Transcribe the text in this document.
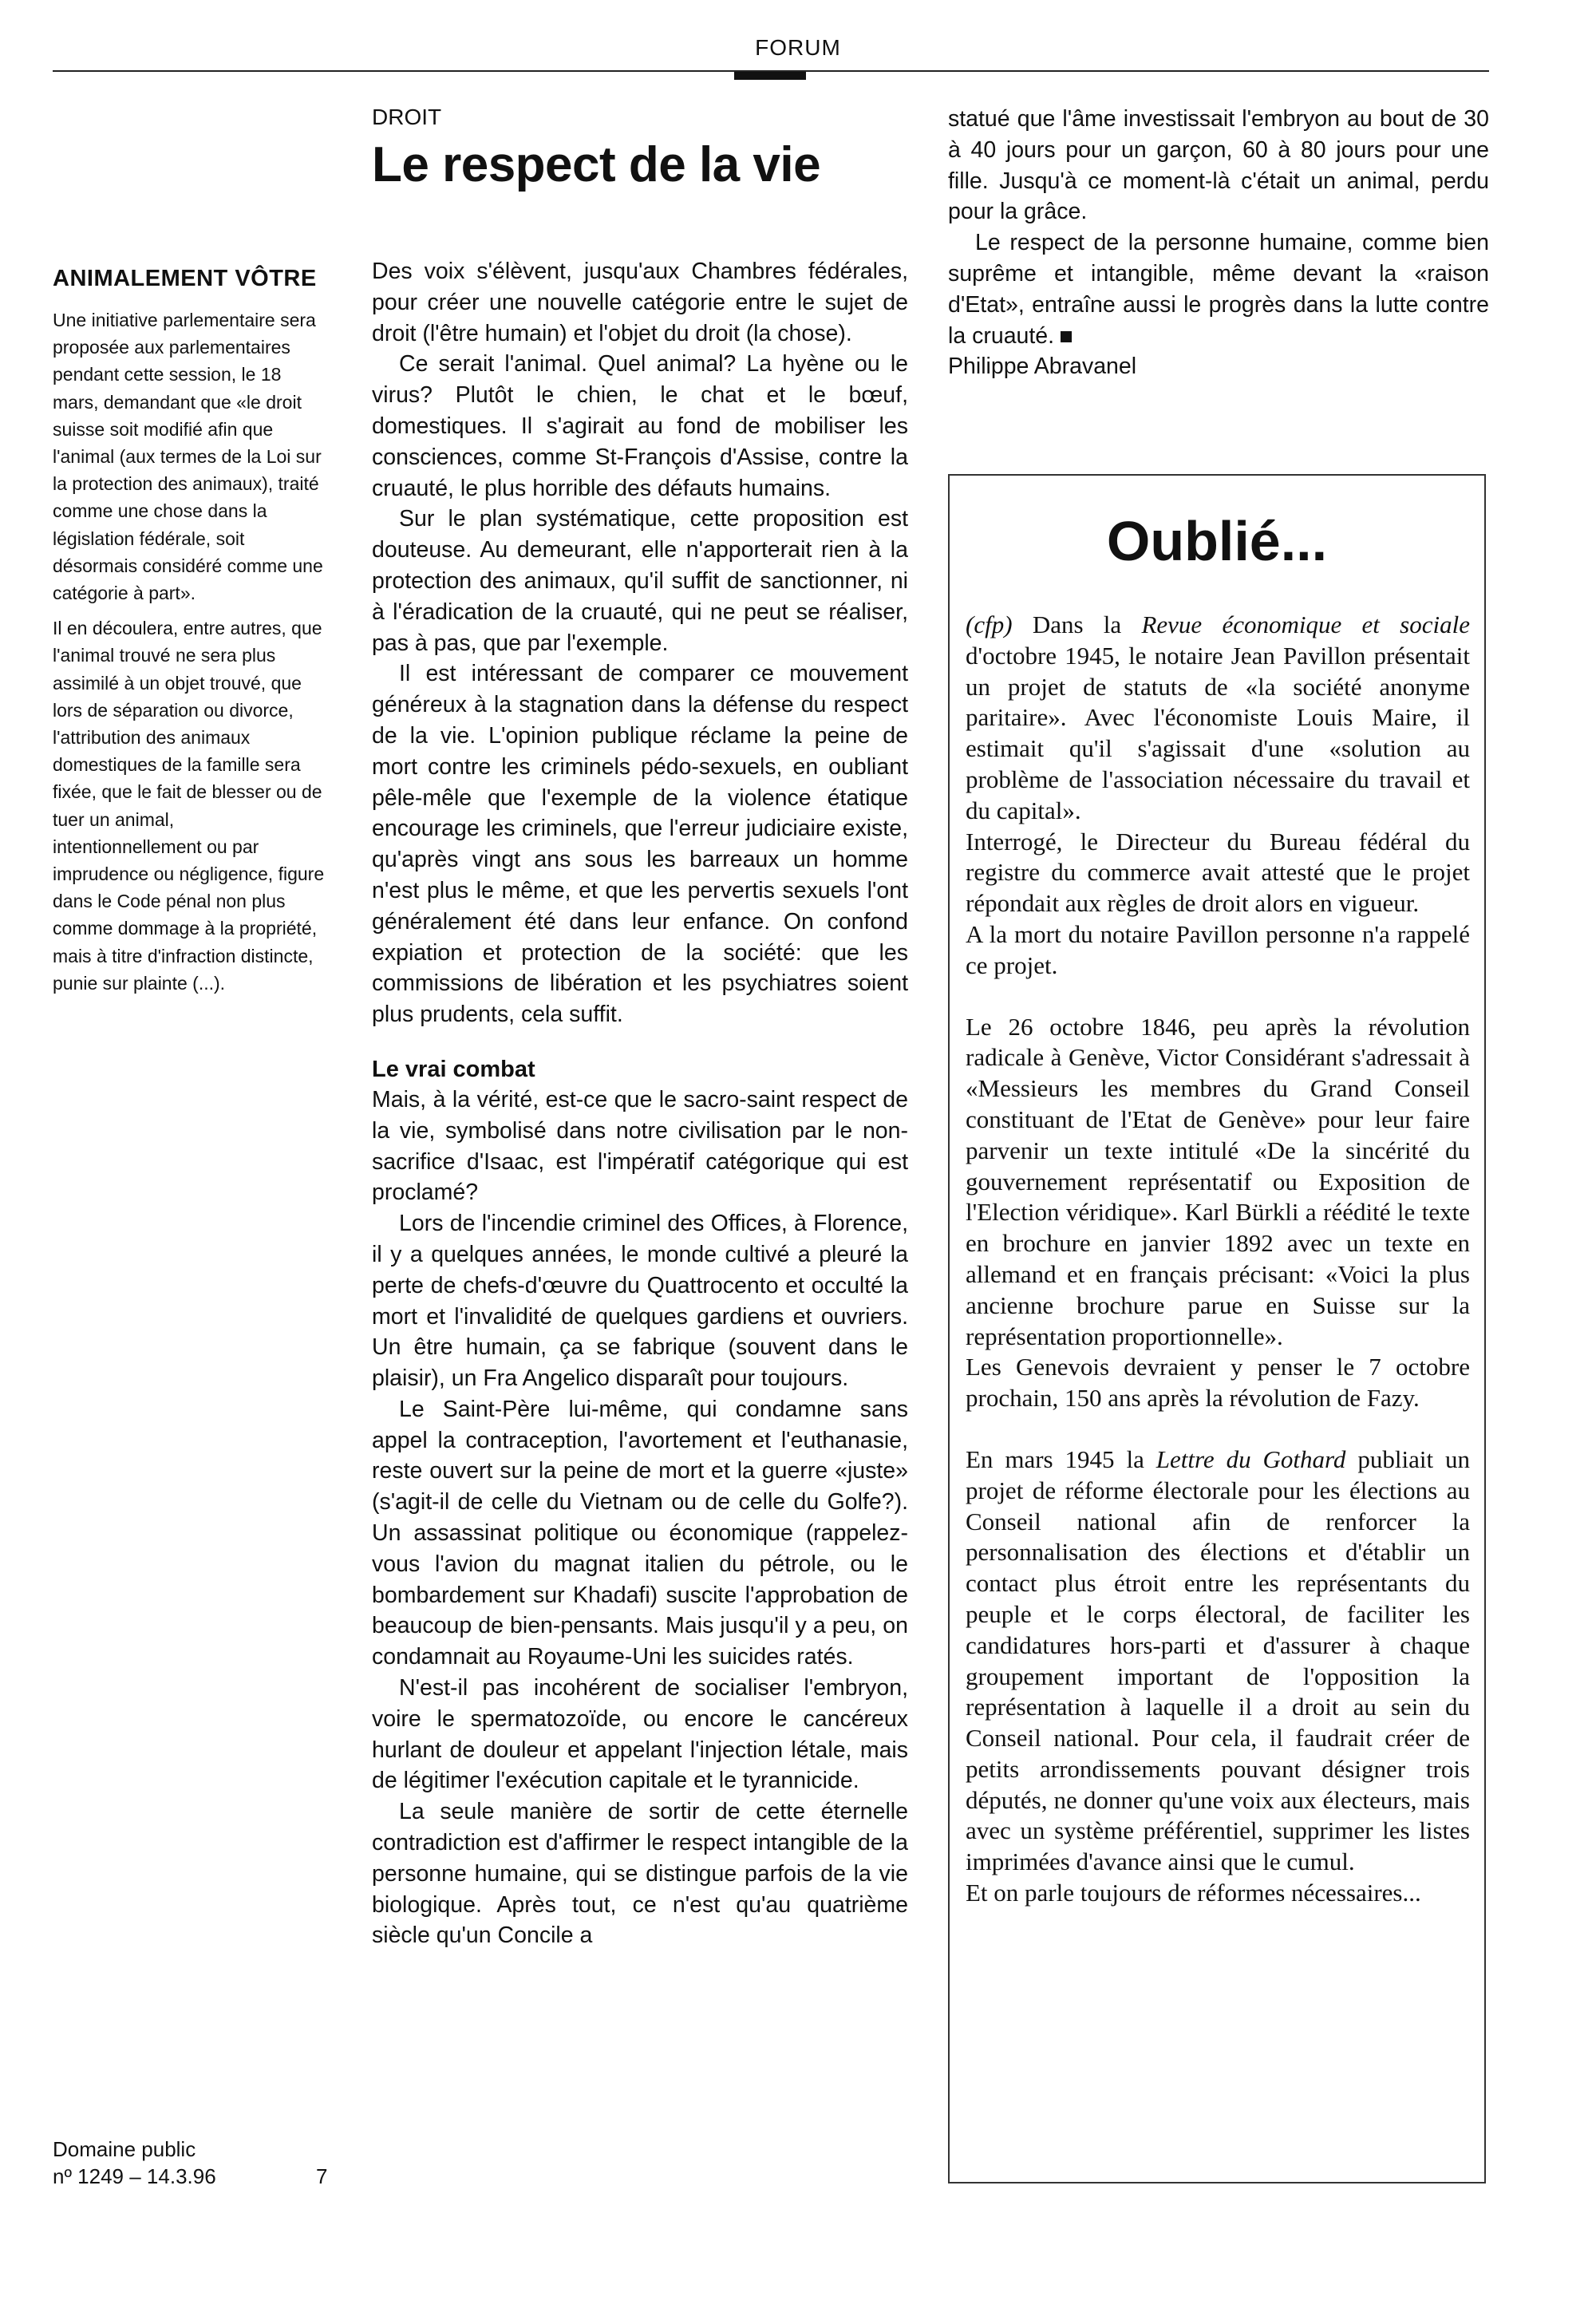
FORUM
ANIMALEMENT VÔTRE

Une initiative parlementaire sera proposée aux parlementaires pendant cette session, le 18 mars, demandant que «le droit suisse soit modifié afin que l'animal (aux termes de la Loi sur la protection des animaux), traité comme une chose dans la législation fédérale, soit désormais considéré comme une catégorie à part».

Il en découlera, entre autres, que l'animal trouvé ne sera plus assimilé à un objet trouvé, que lors de séparation ou divorce, l'attribution des animaux domestiques de la famille sera fixée, que le fait de blesser ou de tuer un animal, intentionnellement ou par imprudence ou négligence, figure dans le Code pénal non plus comme dommage à la propriété, mais à titre d'infraction distincte, punie sur plainte (...).

Domaine public
nº 1249 – 14.3.96	7

DROIT

Le respect de la vie

Des voix s'élèvent, jusqu'aux Chambres fédérales, pour créer une nouvelle catégorie entre le sujet de droit (l'être humain) et l'objet du droit (la chose).

Ce serait l'animal. Quel animal? La hyène ou le virus? Plutôt le chien, le chat et le bœuf, domestiques. Il s'agirait au fond de mobiliser les consciences, comme St-François d'Assise, contre la cruauté, le plus horrible des défauts humains.

Sur le plan systématique, cette proposition est douteuse. Au demeurant, elle n'apporterait rien à la protection des animaux, qu'il suffit de sanctionner, ni à l'éradication de la cruauté, qui ne peut se réaliser, pas à pas, que par l'exemple.

Il est intéressant de comparer ce mouvement généreux à la stagnation dans la défense du respect de la vie. L'opinion publique réclame la peine de mort contre les criminels pédo-sexuels, en oubliant pêle-mêle que l'exemple de la violence étatique encourage les criminels, que l'erreur judiciaire existe, qu'après vingt ans sous les barreaux un homme n'est plus le même, et que les pervertis sexuels l'ont généralement été dans leur enfance. On confond expiation et protection de la société: que les commissions de libération et les psychiatres soient plus prudents, cela suffit.

Le vrai combat

Mais, à la vérité, est-ce que le sacro-saint respect de la vie, symbolisé dans notre civilisation par le non-sacrifice d'Isaac, est l'impératif catégorique qui est proclamé?

Lors de l'incendie criminel des Offices, à Florence, il y a quelques années, le monde cultivé a pleuré la perte de chefs-d'œuvre du Quattrocento et occulté la mort et l'invalidité de quelques gardiens et ouvriers. Un être humain, ça se fabrique (souvent dans le plaisir), un Fra Angelico disparaît pour toujours.

Le Saint-Père lui-même, qui condamne sans appel la contraception, l'avortement et l'euthanasie, reste ouvert sur la peine de mort et la guerre «juste» (s'agit-il de celle du Vietnam ou de celle du Golfe?). Un assassinat politique ou économique (rappelez-vous l'avion du magnat italien du pétrole, ou le bombardement sur Khadafi) suscite l'approbation de beaucoup de bien-pensants. Mais jusqu'il y a peu, on condamnait au Royaume-Uni les suicides ratés.

N'est-il pas incohérent de socialiser l'embryon, voire le spermatozoïde, ou encore le cancéreux hurlant de douleur et appelant l'injection létale, mais de légitimer l'exécution capitale et le tyrannicide.

La seule manière de sortir de cette éternelle contradiction est d'affirmer le respect intangible de la personne humaine, qui se distingue parfois de la vie biologique. Après tout, ce n'est qu'au quatrième siècle qu'un Concile a

statué que l'âme investissait l'embryon au bout de 30 à 40 jours pour un garçon, 60 à 80 jours pour une fille. Jusqu'à ce moment-là c'était un animal, perdu pour la grâce.

Le respect de la personne humaine, comme bien suprême et intangible, même devant la «raison d'Etat», entraîne aussi le progrès dans la lutte contre la cruauté.

Philippe Abravanel

Oublié...

(cfp) Dans la Revue économique et sociale d'octobre 1945, le notaire Jean Pavillon présentait un projet de statuts de «la société anonyme paritaire». Avec l'économiste Louis Maire, il estimait qu'il s'agissait d'une «solution au problème de l'association nécessaire du travail et du capital».

Interrogé, le Directeur du Bureau fédéral du registre du commerce avait attesté que le projet répondait aux règles de droit alors en vigueur.

A la mort du notaire Pavillon personne n'a rappelé ce projet.

Le 26 octobre 1846, peu après la révolution radicale à Genève, Victor Considérant s'adressait à «Messieurs les membres du Grand Conseil constituant de l'Etat de Genève» pour leur faire parvenir un texte intitulé «De la sincérité du gouvernement représentatif ou Exposition de l'Election véridique». Karl Bürkli a réédité le texte en brochure en janvier 1892 avec un texte en allemand et en français précisant: «Voici la plus ancienne brochure parue en Suisse sur la représentation proportionnelle».

Les Genevois devraient y penser le 7 octobre prochain, 150 ans après la révolution de Fazy.

En mars 1945 la Lettre du Gothard publiait un projet de réforme électorale pour les élections au Conseil national afin de renforcer la personnalisation des élections et d'établir un contact plus étroit entre les représentants du peuple et le corps électoral, de faciliter les candidatures hors-parti et d'assurer à chaque groupement important de l'opposition la représentation à laquelle il a droit au sein du Conseil national. Pour cela, il faudrait créer de petits arrondissements pouvant désigner trois députés, ne donner qu'une voix aux électeurs, mais avec un système préférentiel, supprimer les listes imprimées d'avance ainsi que le cumul.

Et on parle toujours de réformes nécessaires...
